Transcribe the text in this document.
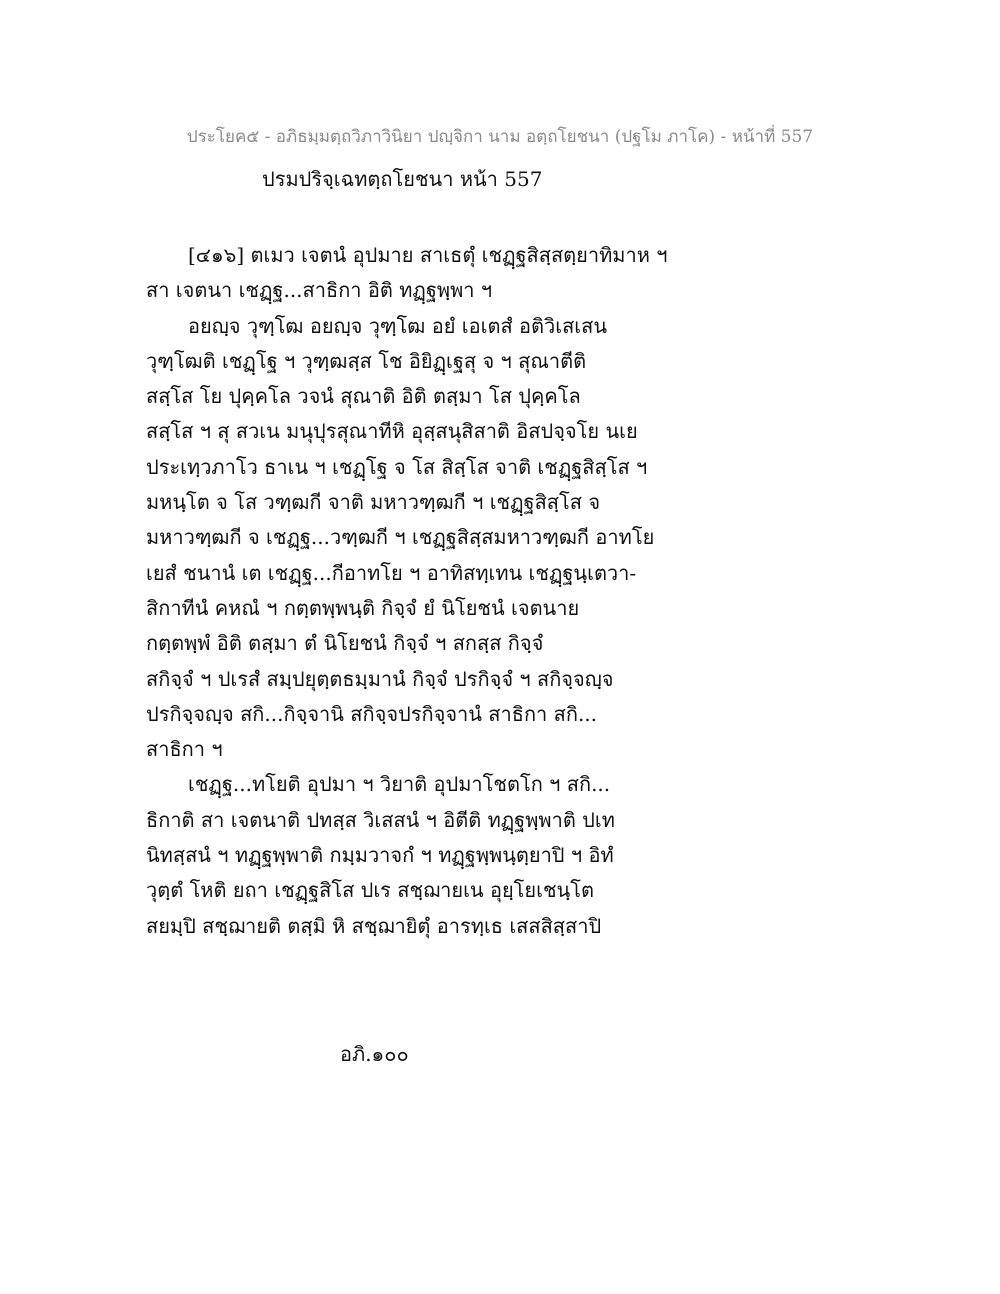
ประโยค๕ - อภิธมฺมตฺถวิภาวินิยา ปญฺจิกา นาม อตฺถโยชนา (ปฐโม ภาโค) - หน้าที่ 557
ปรมปริจฺเฉทตฺถโยชนา หน้า 557
[๔๑๖] ตเมว เจตนํ อุปมาย สาเธตุํ เชฏฺฐสิสฺสตฺยาทิมาห ฯ
สา เจตนา เชฏฺฐ...สาธิกา อิติ ทฏฺฐพฺพา ฯ
อยญฺจ วุฑฺโฒ อยญฺจ วุฑฺโฒ อยํ เอเตสํ อติวิเสเสน
วุฑฺโฒติ เชฏฺโฐ ฯ วุฑฺฒสฺส โช อิยิฏฺเฐสุ จ ฯ สุณาตีติ
สสฺโส โย ปุคฺคโล วจนํ สุณาติ อิติ ตสฺมา โส ปุคฺคโล
สสฺโส ฯ สุ สวเน มนุปุรสุณาทีหิ อุสฺสนุสิสาติ อิสปจฺจโย นเย
ประเทฺวภาโว ธาเน ฯ เชฏฺโฐ จ โส สิสฺโส จาติ เชฏฺฐสิสฺโส ฯ
มหนฺโต จ โส วฑฺฒกี จาติ มหาวฑฺฒกี ฯ เชฏฺฐสิสฺโส จ
มหาวฑฺฒกี จ เชฏฺฐ...วฑฺฒกี ฯ เชฏฺฐสิสฺสมหาวฑฺฒกี อาทโย
เยสํ ชนานํ เต เชฏฺฐ...กีอาทโย ฯ อาทิสทฺเทน เชฏฺฐนฺเตวา-
สิกาทีนํ คหณํ ฯ กตฺตพฺพนฺติ กิจฺจํ ยํ นิโยชนํ เจตนาย
กตฺตพฺพํ อิติ ตสฺมา ตํ นิโยชนํ กิจฺจํ ฯ สกสฺส กิจฺจํ
สกิจฺจํ ฯ ปเรสํ สมฺปยุตฺตธมฺมานํ กิจฺจํ ปรกิจฺจํ ฯ สกิจฺจญฺจ
ปรกิจฺจญฺจ สกิ...กิจฺจานิ สกิจฺจปรกิจฺจานํ สาธิกา สกิ...
สาธิกา ฯ
เชฏฺฐ...ทโยติ อุปมา ฯ วิยาติ อุปมาโชตโก ฯ สกิ...
ธิกาติ สา เจตนาติ ปทสฺส วิเสสนํ ฯ อิตีติ ทฏฺฐพฺพาติ ปเท
นิทสฺสนํ ฯ ทฏฺฐพฺพาติ กมฺมวาจกํ ฯ ทฏฺฐพฺพนฺตฺยาปิ ฯ อิทํ
วุตฺตํ โหติ ยถา เชฏฺฐสิโส ปเร สชฺฌายเน อุยฺโยเชนฺโต
สยมฺปิ สชฺฌายติ ตสฺมิ หิ สชฺฌายิตุํ อารทฺเธ เสสสิสฺสาปิ
อภิ.๑๐๐
